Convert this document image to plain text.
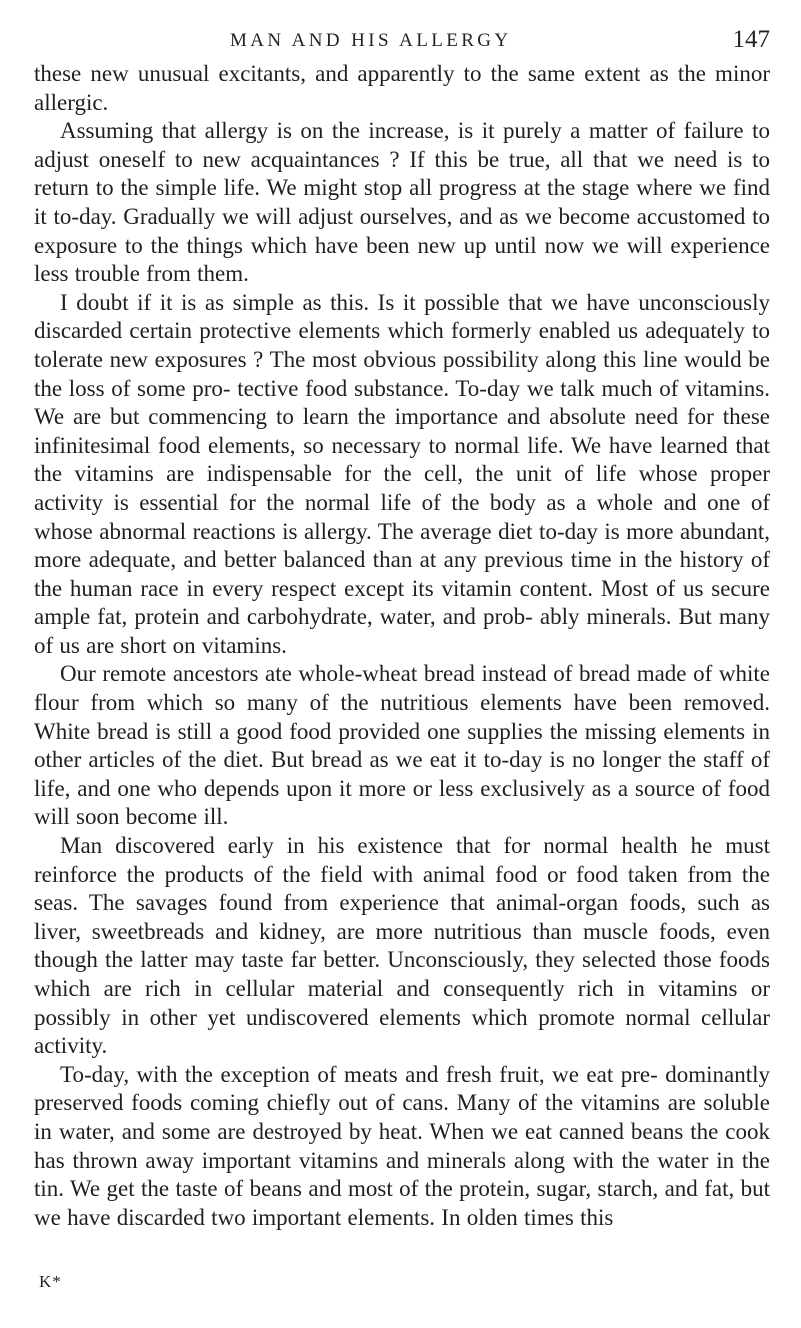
MAN AND HIS ALLERGY	147

these new unusual excitants, and apparently to the same extent as the minor allergic.

Assuming that allergy is on the increase, is it purely a matter of failure to adjust oneself to new acquaintances ? If this be true, all that we need is to return to the simple life. We might stop all progress at the stage where we find it to-day. Gradually we will adjust ourselves, and as we become accustomed to exposure to the things which have been new up until now we will experience less trouble from them.

I doubt if it is as simple as this. Is it possible that we have unconsciously discarded certain protective elements which formerly enabled us adequately to tolerate new exposures ? The most obvious possibility along this line would be the loss of some pro- tective food substance. To-day we talk much of vitamins. We are but commencing to learn the importance and absolute need for these infinitesimal food elements, so necessary to normal life. We have learned that the vitamins are indispensable for the cell, the unit of life whose proper activity is essential for the normal life of the body as a whole and one of whose abnormal reactions is allergy. The average diet to-day is more abundant, more adequate, and better balanced than at any previous time in the history of the human race in every respect except its vitamin content. Most of us secure ample fat, protein and carbohydrate, water, and prob- ably minerals. But many of us are short on vitamins.

Our remote ancestors ate whole-wheat bread instead of bread made of white flour from which so many of the nutritious elements have been removed. White bread is still a good food provided one supplies the missing elements in other articles of the diet. But bread as we eat it to-day is no longer the staff of life, and one who depends upon it more or less exclusively as a source of food will soon become ill.

Man discovered early in his existence that for normal health he must reinforce the products of the field with animal food or food taken from the seas. The savages found from experience that animal-organ foods, such as liver, sweetbreads and kidney, are more nutritious than muscle foods, even though the latter may taste far better. Unconsciously, they selected those foods which are rich in cellular material and consequently rich in vitamins or possibly in other yet undiscovered elements which promote normal cellular activity.

To-day, with the exception of meats and fresh fruit, we eat pre- dominantly preserved foods coming chiefly out of cans. Many of the vitamins are soluble in water, and some are destroyed by heat. When we eat canned beans the cook has thrown away important vitamins and minerals along with the water in the tin. We get the taste of beans and most of the protein, sugar, starch, and fat, but we have discarded two important elements. In olden times this

K*
